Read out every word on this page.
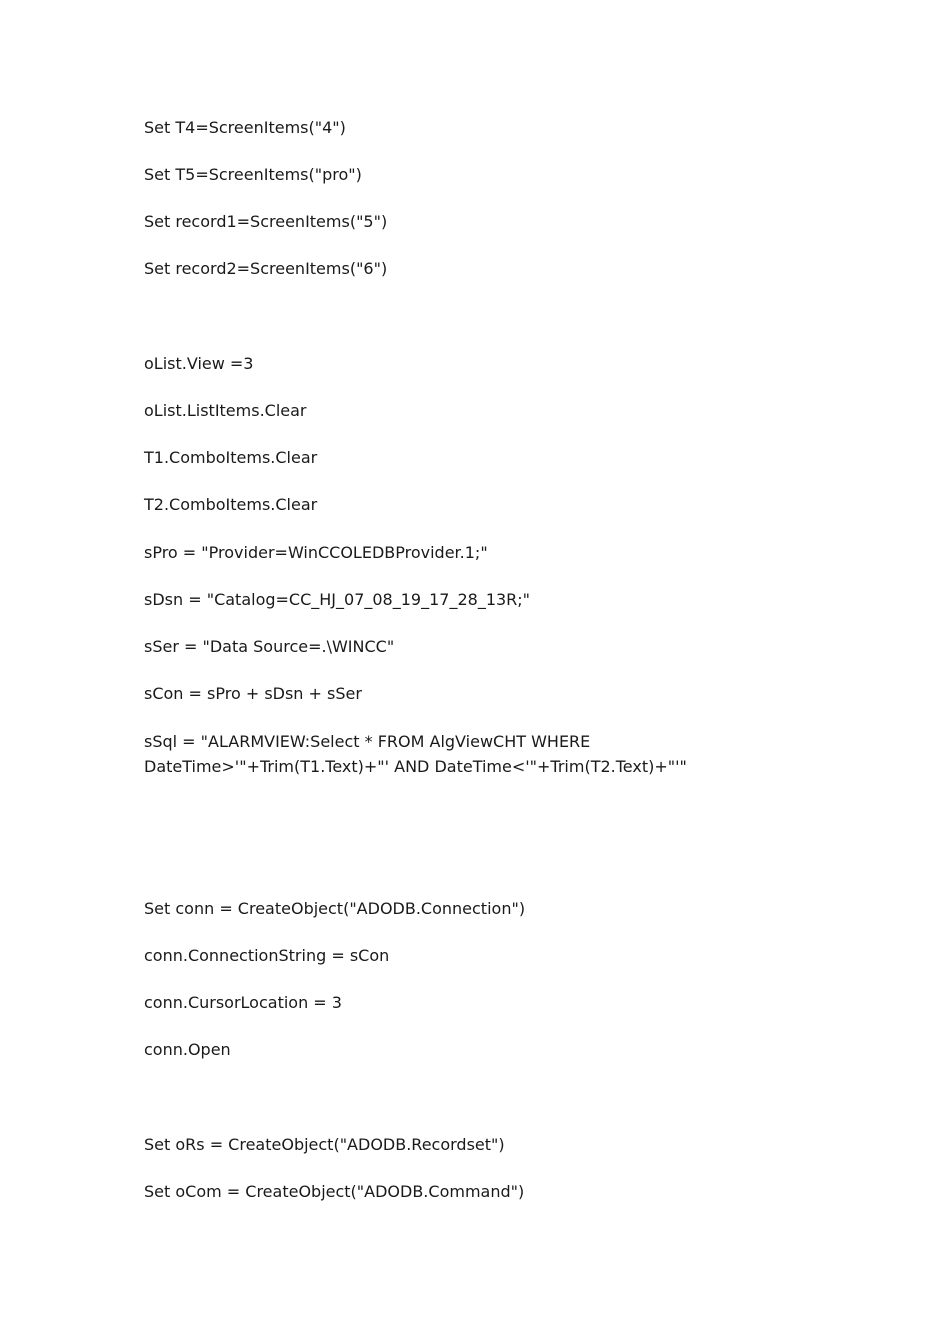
Set T4=ScreenItems("4")
Set T5=ScreenItems("pro")
Set record1=ScreenItems("5")
Set record2=ScreenItems("6")
oList.View =3
oList.ListItems.Clear
T1.ComboItems.Clear
T2.ComboItems.Clear
sPro = "Provider=WinCCOLEDBProvider.1;"
sDsn = "Catalog=CC_HJ_07_08_19_17_28_13R;"
sSer = "Data Source=.\WINCC"
sCon = sPro + sDsn + sSer
sSql = "ALARMVIEW:Select * FROM AlgViewCHT WHERE
DateTime>'"+Trim(T1.Text)+"' AND DateTime<'"+Trim(T2.Text)+"'"
Set conn = CreateObject("ADODB.Connection")
conn.ConnectionString = sCon
conn.CursorLocation = 3
conn.Open
Set oRs = CreateObject("ADODB.Recordset")
Set oCom = CreateObject("ADODB.Command")
